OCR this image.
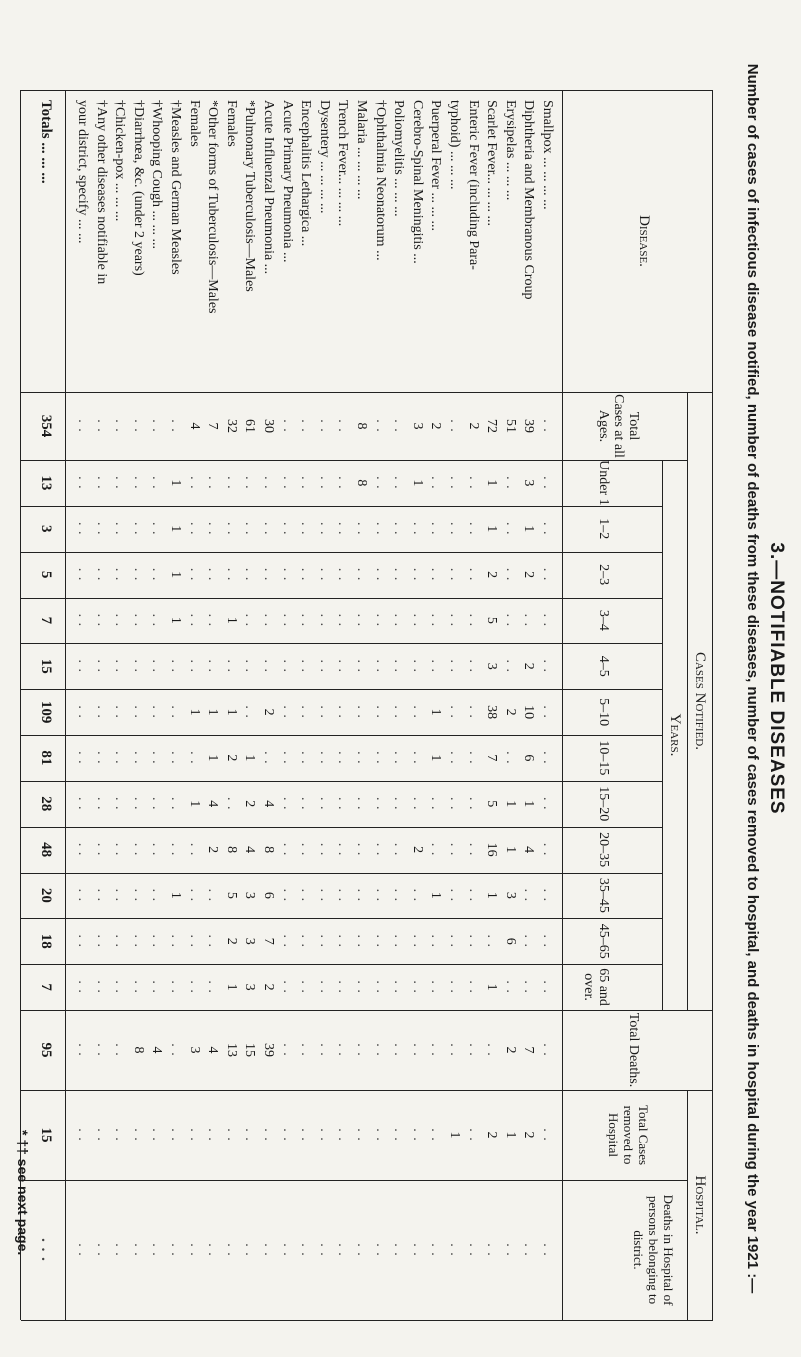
3.—NOTIFIABLE DISEASES
Number of cases of infectious disease notified, number of deaths from these diseases, number of cases removed to hospital, and deaths in hospital during the year 1921 :—
Disease.
Cases Notified.
Total Cases at all Ages.
Years.
Total Deaths.
Hospital.
Total Cases removed to Hospital
Deaths in Hospital of persons belonging to district.
Under 1
1–2
2–3
3–4
4–5
5–10
10–15
15–20
20–35
35–45
45–65
65 and over.
Smallpox ... ... ... ...
. .
. .
. .
. .
. .
. .
. .
. .
. .
. .
. .
. .
. .
. .
. .
. .
Diphtheria and Membranous Croup
39
3
1
2
. .
2
10
6
1
4
. .
. .
. .
7
2
. .
Erysipelas ... ... ...
51
. .
. .
. .
. .
. .
2
. .
1
1
3
6
. .
2
1
. .
Scarlet Fever... ... ... ...
72
1
1
2
5
3
38
7
5
16
1
. .
1
. .
2
. .
Enteric Fever (including Para-
2
. .
. .
. .
. .
. .
. .
. .
. .
. .
. .
. .
. .
. .
. .
. .
typhoid) ... ... ...
. .
. .
. .
. .
. .
. .
. .
. .
. .
. .
. .
. .
. .
. .
1
. .
Puerperal Fever ... ... ...
2
. .
. .
. .
. .
. .
1
1
. .
. .
1
. .
. .
. .
. .
. .
Cerebro-Spinal Meningitis ...
3
1
. .
. .
. .
. .
. .
. .
. .
2
. .
. .
. .
. .
. .
. .
Poliomyelitis ... ... ...
. .
. .
. .
. .
. .
. .
. .
. .
. .
. .
. .
. .
. .
. .
. .
. .
†Ophthalmia Neonatorum ...
. .
. .
. .
. .
. .
. .
. .
. .
. .
. .
. .
. .
. .
. .
. .
. .
Malaria ... ... ... ...
8
8
. .
. .
. .
. .
. .
. .
. .
. .
. .
. .
. .
. .
. .
. .
Trench Fever... ... ... ...
. .
. .
. .
. .
. .
. .
. .
. .
. .
. .
. .
. .
. .
. .
. .
. .
Dysentery ... ... ... ...
. .
. .
. .
. .
. .
. .
. .
. .
. .
. .
. .
. .
. .
. .
. .
. .
Encephalitis Lethargica ...
. .
. .
. .
. .
. .
. .
. .
. .
. .
. .
. .
. .
. .
. .
. .
. .
Acute Primary Pneumonia ...
. .
. .
. .
. .
. .
. .
. .
. .
. .
. .
. .
. .
. .
. .
. .
. .
Acute Influenzal Pneumonia ...
30
. .
. .
. .
. .
. .
2
. .
4
8
6
7
2
39
. .
. .
*Pulmonary Tuberculosis—Males
61
. .
. .
. .
. .
. .
. .
1
2
4
3
3
3
15
. .
. .
Females
32
. .
. .
. .
1
. .
1
2
. .
8
5
2
1
13
. .
. .
*Other forms of Tuberculosis—Males
7
. .
. .
. .
. .
. .
1
1
4
2
. .
. .
. .
4
. .
. .
Females
4
. .
. .
. .
. .
. .
1
. .
1
. .
. .
. .
. .
3
. .
. .
†Measles and German Measles
. .
1
1
1
1
. .
. .
. .
. .
. .
1
. .
. .
. .
. .
. .
†Whooping Cough ... ... ...
. .
. .
. .
. .
. .
. .
. .
. .
. .
. .
. .
. .
. .
4
. .
. .
†Diarrhœa, &c. (under 2 years)
. .
. .
. .
. .
. .
. .
. .
. .
. .
. .
. .
. .
. .
8
. .
. .
†Chicken-pox ... ... ...
. .
. .
. .
. .
. .
. .
. .
. .
. .
. .
. .
. .
. .
. .
. .
. .
†Any other diseases notifiable in
. .
. .
. .
. .
. .
. .
. .
. .
. .
. .
. .
. .
. .
. .
. .
. .
your district, specify ... ...
. .
. .
. .
. .
. .
. .
. .
. .
. .
. .
. .
. .
. .
. .
. .
. .
Totals ... ... ...
354
13
3
5
7
15
109
81
28
48
20
18
7
95
15
. . .
* †† see next page.
